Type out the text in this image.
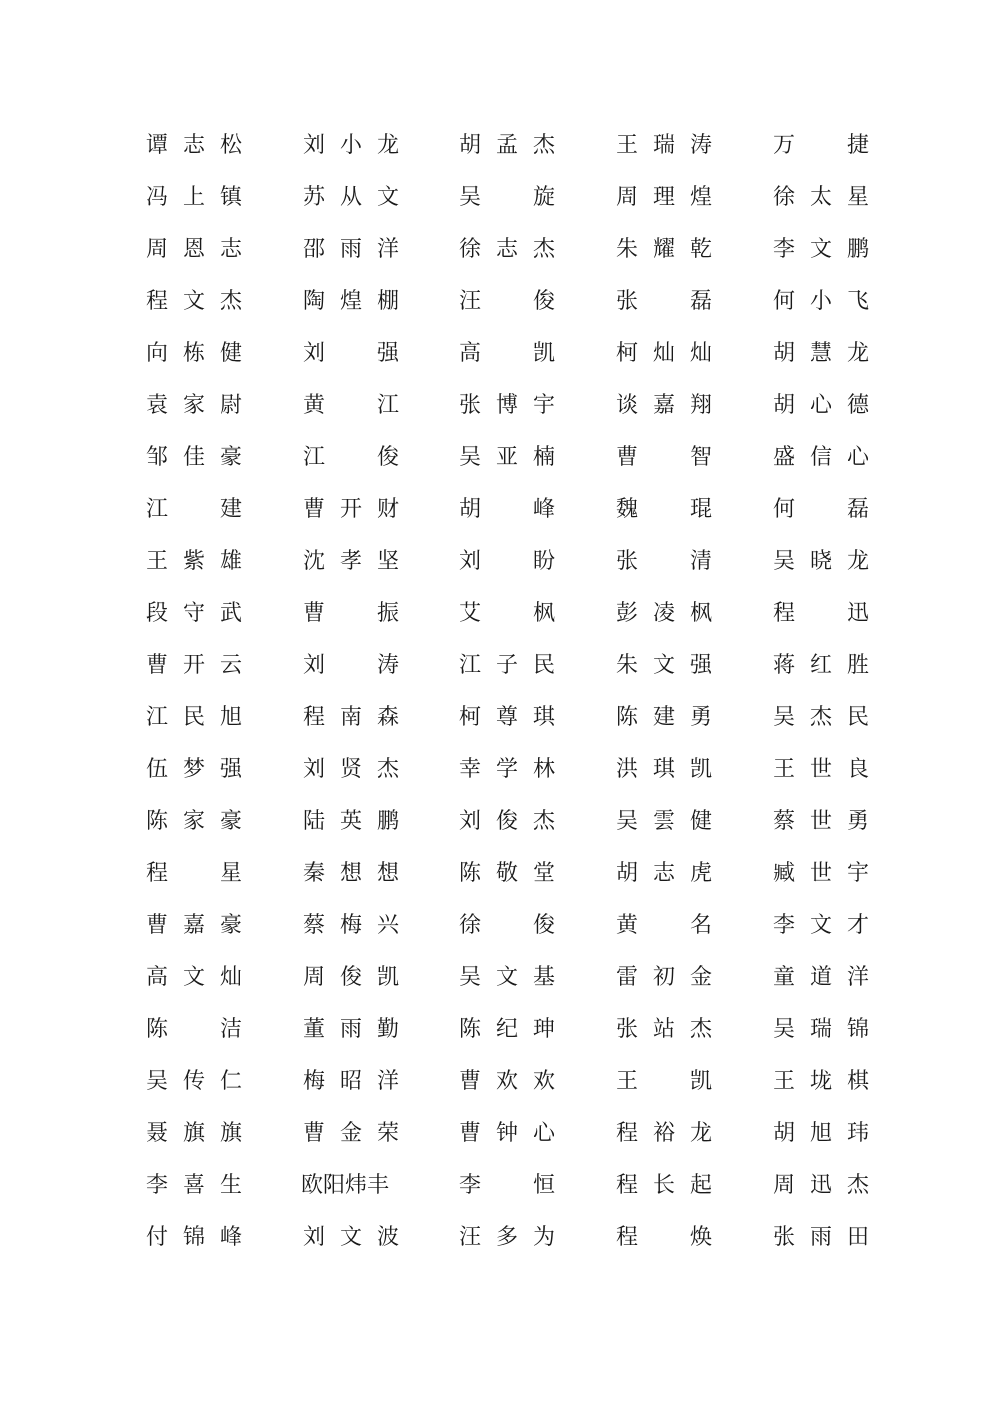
谭 志 松	刘 小 龙	胡 孟 杰	王 瑞 涛	万 捷
冯 上 镇	苏 从 文	吴 旋	周 理 煌	徐 太 星
周 恩 志	邵 雨 洋	徐 志 杰	朱 耀 乾	李 文 鹏
程 文 杰	陶 煌 棚	汪 俊	张 磊	何 小 飞
向 栋 健	刘 强	高 凯	柯 灿 灿	胡 慧 龙
袁 家 尉	黄 江	张 博 宇	谈 嘉 翔	胡 心 德
邹 佳 豪	江 俊	吴 亚 楠	曹 智	盛 信 心
江 建	曹 开 财	胡 峰	魏 琨	何 磊
王 紫 雄	沈 孝 坚	刘 盼	张 清	吴 晓 龙
段 守 武	曹 振	艾 枫	彭 凌 枫	程 迅
曹 开 云	刘 涛	江 子 民	朱 文 强	蒋 红 胜
江 民 旭	程 南 森	柯 尊 琪	陈 建 勇	吴 杰 民
伍 梦 强	刘 贤 杰	幸 学 林	洪 琪 凯	王 世 良
陈 家 豪	陆 英 鹏	刘 俊 杰	吴 雲 健	蔡 世 勇
程 星	秦 想 想	陈 敬 堂	胡 志 虎	臧 世 宇
曹 嘉 豪	蔡 梅 兴	徐 俊	黄 名	李 文 才
高 文 灿	周 俊 凯	吴 文 基	雷 初 金	童 道 洋
陈 洁	董 雨 勤	陈 纪 珅	张 站 杰	吴 瑞 锦
吴 传 仁	梅 昭 洋	曹 欢 欢	王 凯	王 垅 棋
聂 旗 旗	曹 金 荣	曹 钟 心	程 裕 龙	胡 旭 玮
李 喜 生	欧阳炜丰	李 恒	程 长 起	周 迅 杰
付 锦 峰	刘 文 波	汪 多 为	程 焕	张 雨 田
